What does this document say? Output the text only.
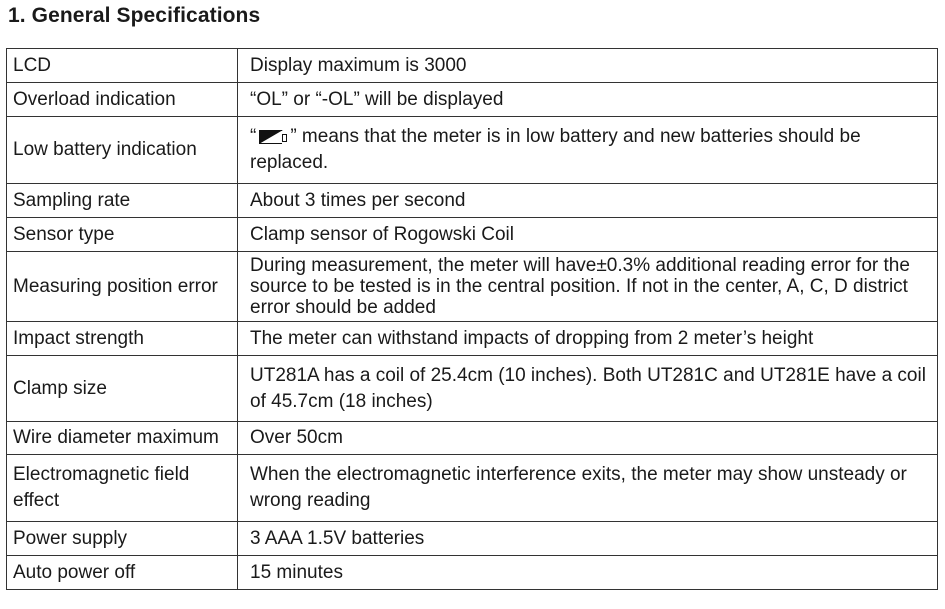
1. General Specifications
LCD	Display maximum is 3000
Overload indication	“OL” or “-OL” will be displayed
Low battery indication	“ ” means that the meter is in low battery and new batteries should be replaced.
Sampling rate	About 3 times per second
Sensor type	Clamp sensor of Rogowski Coil
Measuring position error	During measurement, the meter will have±0.3% additional reading error for the source to be tested is in the central position. If not in the center, A, C, D district error should be added
Impact strength	The meter can withstand impacts of dropping from 2 meter’s height
Clamp size	UT281A has a coil of 25.4cm (10 inches). Both UT281C and UT281E have a coil of 45.7cm (18 inches)
Wire diameter maximum	Over 50cm
Electromagnetic field effect	When the electromagnetic interference exits, the meter may show unsteady or wrong reading
Power supply	3 AAA 1.5V batteries
Auto power off	15 minutes
